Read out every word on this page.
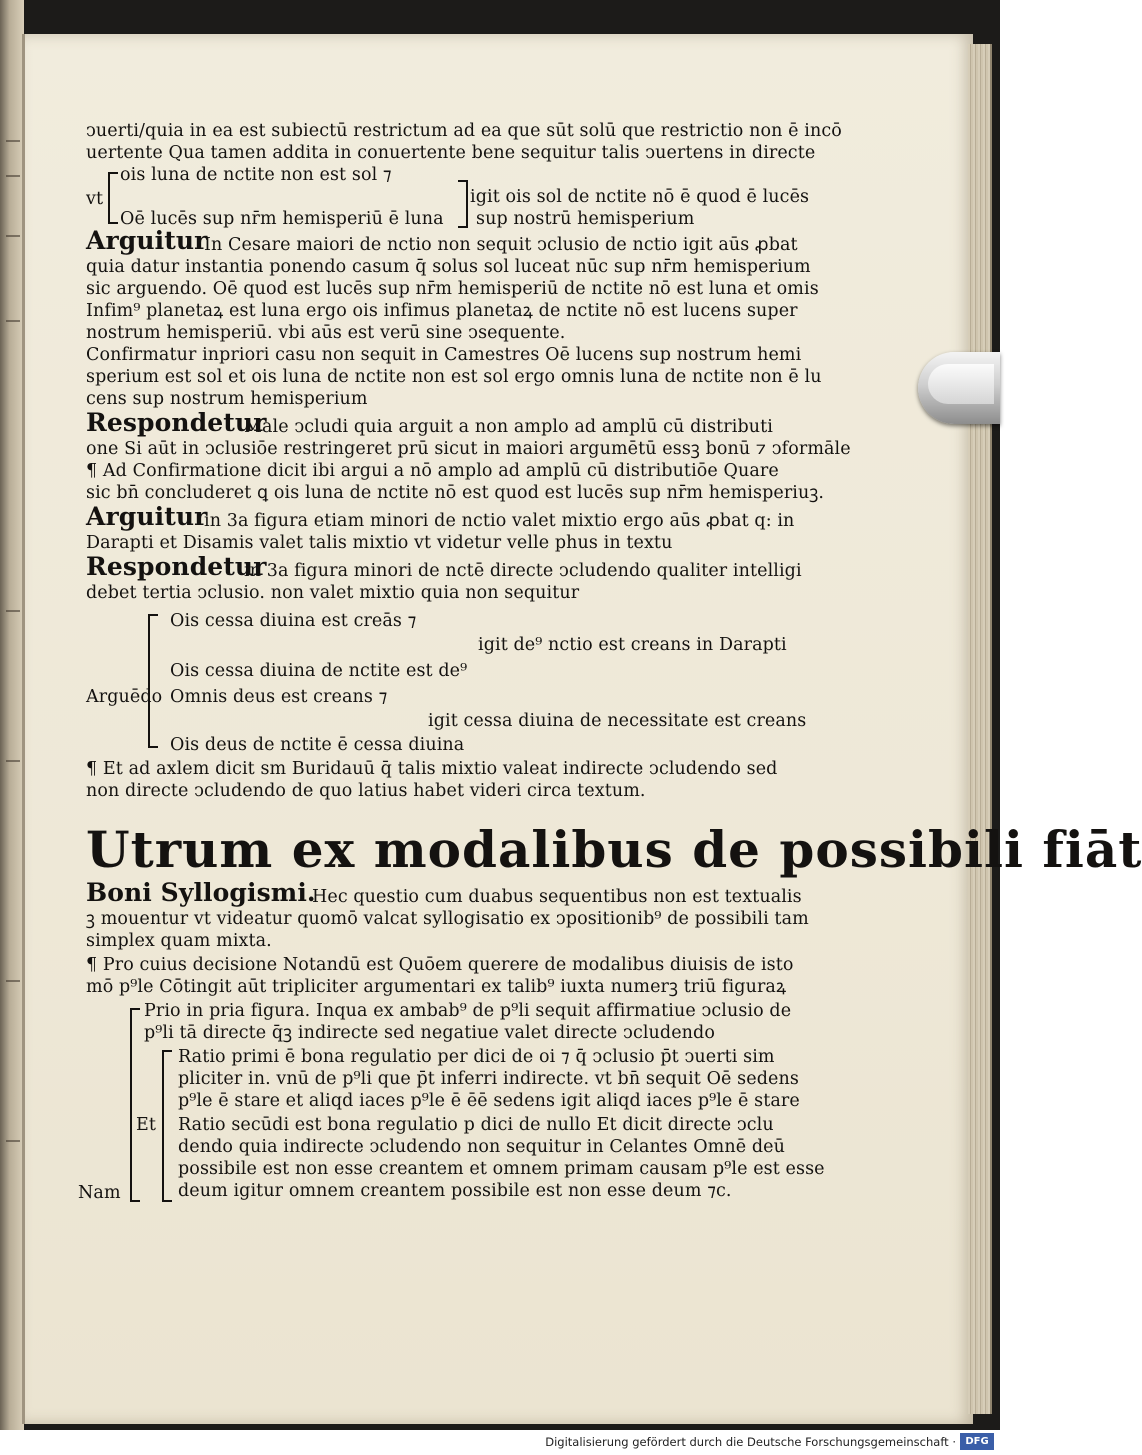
ↄuerti/quia in ea est subiectū restrictum ad ea que sūt solū que restrictio non ē incō
uertente Qua tamen addita in conuertente bene sequitur talis ↄuertens in directe
ois luna de nctite non est sol ⁊
vt	igit ois sol de nctite nō ē quod ē lucēs
Oē lucēs sup nr̄m hemisperiū ē luna sup nostrū hemisperium
Arguitur
In Cesare maiori de nctio non sequit ↄclusio de nctio igit aūs ꝓbat
quia datur instantia ponendo casum q̄ solus sol luceat nūc sup nr̄m hemisperium
sic arguendo. Oē quod est lucēs sup nr̄m hemisperiū de nctite nō est luna et omis
Infim⁹ planetaꝝ est luna ergo ois infimus planetaꝝ de nctite nō est lucens super
nostrum hemisperiū. vbi aūs est verū sine ↄsequente.
Confirmatur inpriori casu non sequit in Camestres Oē lucens sup nostrum hemi
sperium est sol et ois luna de nctite non est sol ergo omnis luna de nctite non ē lu
cens sup nostrum hemisperium
Respondetur
Male ↄcludi quia arguit a non amplo ad amplū cū distributi
one Si aūt in ↄclusiōe restringeret prū sicut in maiori argumētū essꝫ bonū ⁊ ↄformāle
¶ Ad Confirmatione dicit ibi argui a nō amplo ad amplū cū distributiōe Quare
sic bn̄ concluderet ꝗ ois luna de nctite nō est quod est lucēs sup nr̄m hemisperiuꝫ.
Arguitur
in 3a figura etiam minori de nctio valet mixtio ergo aūs ꝓbat q: in
Darapti et Disamis valet talis mixtio vt videtur velle phus in textu
Respondetur
in 3a figura minori de nctē directe ↄcludendo qualiter intelligi
debet tertia ↄclusio. non valet mixtio quia non sequitur
Ois cessa diuina est creās ⁊
igit de⁹ nctio est creans in Darapti
Ois cessa diuina de nctite est de⁹
Arguēdo Omnis deus est creans ⁊
igit cessa diuina de necessitate est creans
Ois deus de nctite ē cessa diuina
¶ Et ad axlem dicit sm Buridauū q̄ talis mixtio valeat indirecte ↄcludendo sed
non directe ↄcludendo de quo latius habet videri circa textum.
Utrum ex modalibus de possibili fiāt
Boni Syllogismi.
Hec questio cum duabus sequentibus non est textualis
ꝫ mouentur vt videatur quomō valcat syllogisatio ex ↄpositionib⁹ de possibili tam
simplex quam mixta.
¶ Pro cuius decisione Notandū est Quōem querere de modalibus diuisis de isto
mō p⁹le Cōtingit aūt tripliciter argumentari ex talib⁹ iuxta numerꝫ triū figuraꝝ
Prio in pria figura. Inqua ex ambab⁹ de p⁹li sequit affirmatiue ↄclusio de
p⁹li tā directe q̄ꝫ indirecte sed negatiue valet directe ↄcludendo
Ratio primi ē bona regulatio per dici de oi ⁊ q̄ ↄclusio p̄t ↄuerti sim
pliciter in. vnū de p⁹li que p̄t inferri indirecte. vt bn̄ sequit Oē sedens
p⁹le ē stare et aliqd iaces p⁹le ē ēē sedens igit aliqd iaces p⁹le ē stare
Et Ratio secūdi est bona regulatio p dici de nullo Et dicit directe ↄclu
dendo quia indirecte ↄcludendo non sequitur in Celantes Omnē deū
possibile est non esse creantem et omnem primam causam p⁹le est esse
Nam	deum igitur omnem creantem possibile est non esse deum ⁊c.
Digitalisierung gefördert durch die Deutsche Forschungsgemeinschaft · DFG
